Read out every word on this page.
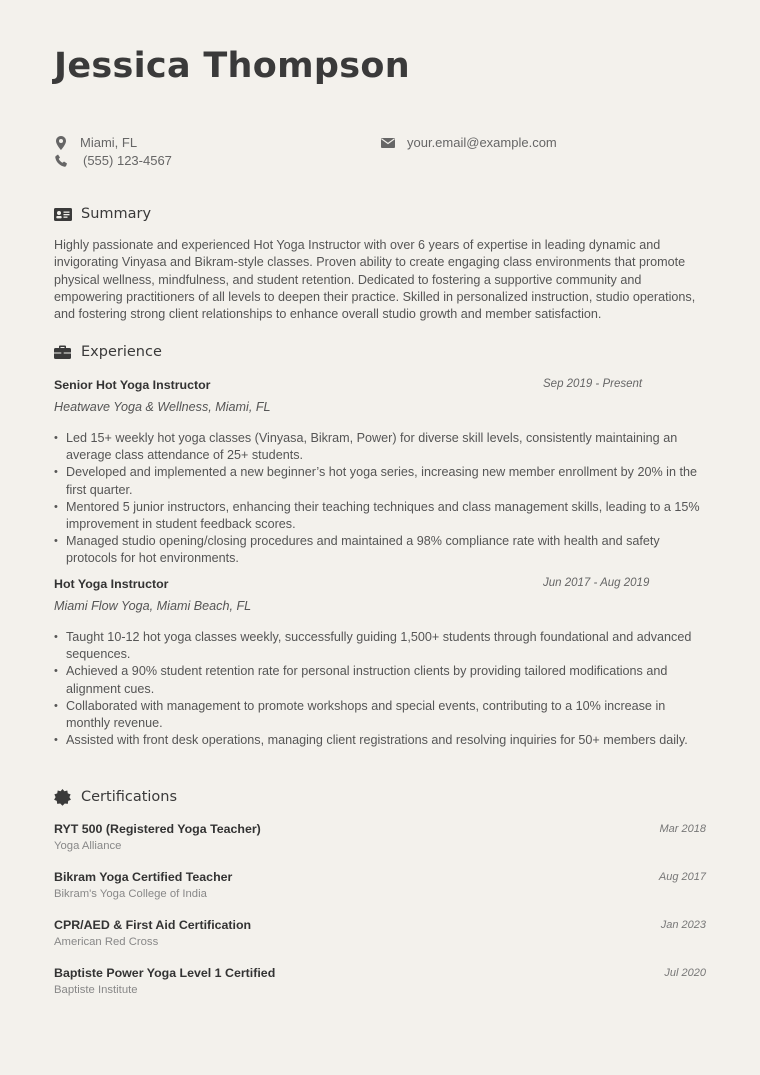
Jessica Thompson
Miami, FL
(555) 123-4567
your.email@example.com
Summary

Highly passionate and experienced Hot Yoga Instructor with over 6 years of expertise in leading dynamic and invigorating Vinyasa and Bikram-style classes. Proven ability to create engaging class environments that promote physical wellness, mindfulness, and student retention. Dedicated to fostering a supportive community and empowering practitioners of all levels to deepen their practice. Skilled in personalized instruction, studio operations, and fostering strong client relationships to enhance overall studio growth and member satisfaction.

Experience
Senior Hot Yoga Instructor	Sep 2019 - Present
Heatwave Yoga & Wellness, Miami, FL
• Led 15+ weekly hot yoga classes (Vinyasa, Bikram, Power) for diverse skill levels, consistently maintaining an average class attendance of 25+ students.
• Developed and implemented a new beginner’s hot yoga series, increasing new member enrollment by 20% in the first quarter.
• Mentored 5 junior instructors, enhancing their teaching techniques and class management skills, leading to a 15% improvement in student feedback scores.
• Managed studio opening/closing procedures and maintained a 98% compliance rate with health and safety protocols for hot environments.
Hot Yoga Instructor	Jun 2017 - Aug 2019
Miami Flow Yoga, Miami Beach, FL
• Taught 10-12 hot yoga classes weekly, successfully guiding 1,500+ students through foundational and advanced sequences.
• Achieved a 90% student retention rate for personal instruction clients by providing tailored modifications and alignment cues.
• Collaborated with management to promote workshops and special events, contributing to a 10% increase in monthly revenue.
• Assisted with front desk operations, managing client registrations and resolving inquiries for 50+ members daily.
Certifications
RYT 500 (Registered Yoga Teacher)	Mar 2018
Yoga Alliance
Bikram Yoga Certified Teacher	Aug 2017
Bikram's Yoga College of India
CPR/AED & First Aid Certification	Jan 2023
American Red Cross
Baptiste Power Yoga Level 1 Certified	Jul 2020
Baptiste Institute
